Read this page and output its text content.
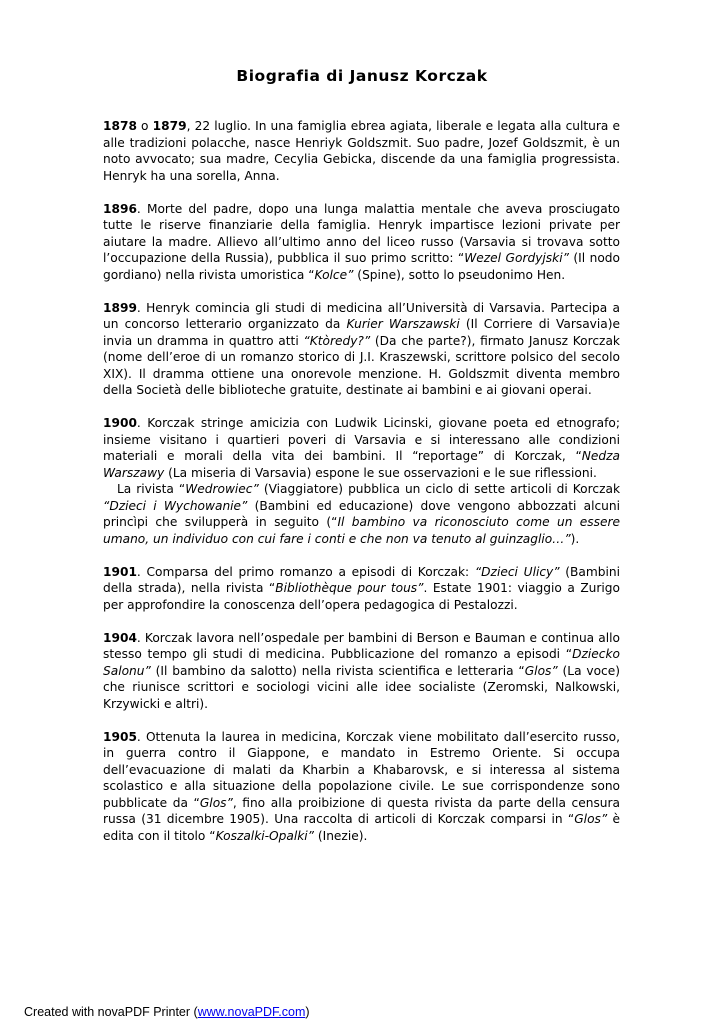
Biografia di Janusz Korczak

1878 o 1879, 22 luglio. In una famiglia ebrea agiata, liberale e legata alla cultura e alle tradizioni polacche, nasce Henriyk Goldszmit. Suo padre, Jozef Goldszmit, è un noto avvocato; sua madre, Cecylia Gebicka, discende da una famiglia progressista. Henryk ha una sorella, Anna.

1896. Morte del padre, dopo una lunga malattia mentale che aveva prosciugato tutte le riserve finanziarie della famiglia. Henryk impartisce lezioni private per aiutare la madre. Allievo all’ultimo anno del liceo russo (Varsavia si trovava sotto l’occupazione della Russia), pubblica il suo primo scritto: “Wezel Gordyjski” (Il nodo gordiano) nella rivista umoristica “Kolce” (Spine), sotto lo pseudonimo Hen.

1899. Henryk comincia gli studi di medicina all’Università di Varsavia. Partecipa a un concorso letterario organizzato da Kurier Warszawski (Il Corriere di Varsavia)e invia un dramma in quattro atti “Ktòredy?” (Da che parte?), firmato Janusz Korczak (nome dell’eroe di un romanzo storico di J.I. Kraszewski, scrittore polsico del secolo XIX). Il dramma ottiene una onorevole menzione. H. Goldszmit diventa membro della Società delle biblioteche gratuite, destinate ai bambini e ai giovani operai.

1900. Korczak stringe amicizia con Ludwik Licinski, giovane poeta ed etnografo; insieme visitano i quartieri poveri di Varsavia e si interessano alle condizioni materiali e morali della vita dei bambini. Il “reportage” di Korczak, “Nedza Warszawy (La miseria di Varsavia) espone le sue osservazioni e le sue riflessioni.

La rivista “Wedrowiec” (Viaggiatore) pubblica un ciclo di sette articoli di Korczak “Dzieci i Wychowanie” (Bambini ed educazione) dove vengono abbozzati alcuni princìpi che svilupperà in seguito (“Il bambino va riconosciuto come un essere umano, un individuo con cui fare i conti e che non va tenuto al guinzaglio…”).

1901. Comparsa del primo romanzo a episodi di Korczak: “Dzieci Ulicy” (Bambini della strada), nella rivista “Bibliothèque pour tous”. Estate 1901: viaggio a Zurigo per approfondire la conoscenza dell’opera pedagogica di Pestalozzi.

1904. Korczak lavora nell’ospedale per bambini di Berson e Bauman e continua allo stesso tempo gli studi di medicina. Pubblicazione del romanzo a episodi “Dziecko Salonu” (Il bambino da salotto) nella rivista scientifica e letteraria “Glos” (La voce) che riunisce scrittori e sociologi vicini alle idee socialiste (Zeromski, Nalkowski, Krzywicki e altri).

1905. Ottenuta la laurea in medicina, Korczak viene mobilitato dall’esercito russo, in guerra contro il Giappone, e mandato in Estremo Oriente. Si occupa dell’evacuazione di malati da Kharbin a Khabarovsk, e si interessa al sistema scolastico e alla situazione della popolazione civile. Le sue corrispondenze sono pubblicate da “Glos”, fino alla proibizione di questa rivista da parte della censura russa (31 dicembre 1905). Una raccolta di articoli di Korczak comparsi in “Glos” è edita con il titolo “Koszalki-Opalki” (Inezie).

Created with novaPDF Printer (www.novaPDF.com)
